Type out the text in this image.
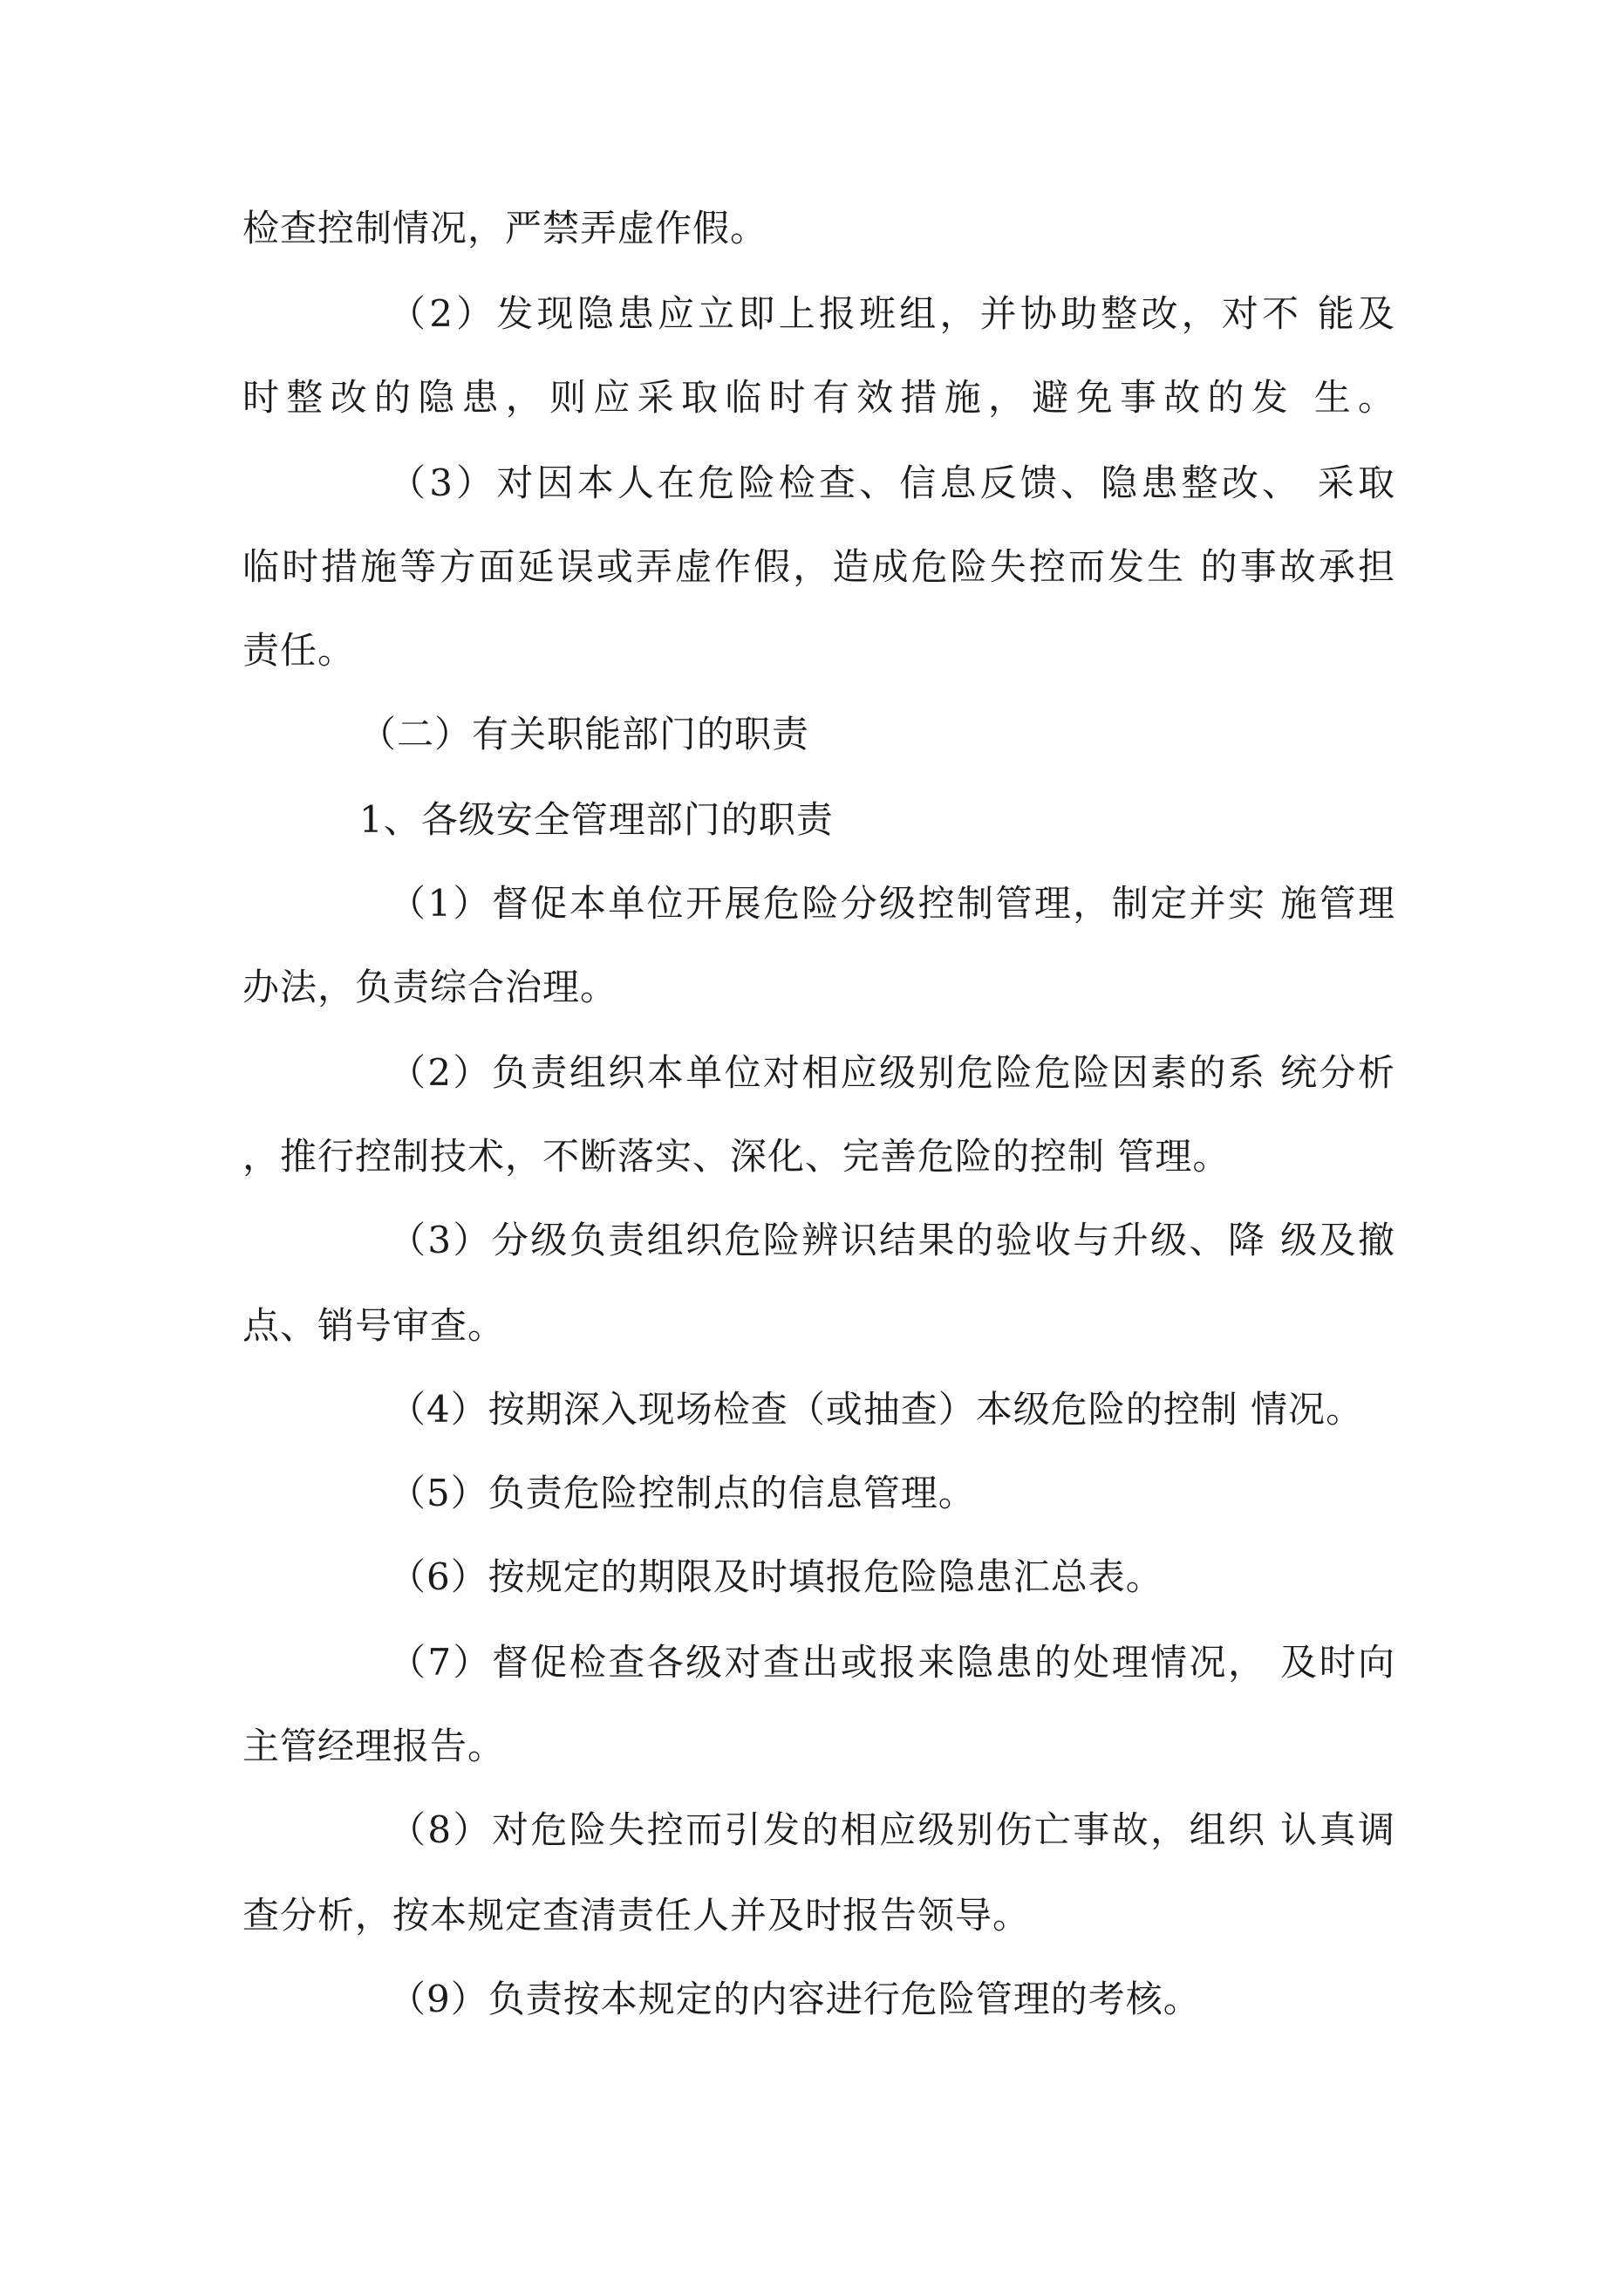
检查控制情况，严禁弄虚作假。
（2）发现隐患应立即上报班组，并协助整改，对不 能及
时整改的隐患，则应采取临时有效措施，避免事故的发 生。
（3）对因本人在危险检查、信息反馈、隐患整改、 采取
临时措施等方面延误或弄虚作假，造成危险失控而发生 的事故承担
责任。
（二）有关职能部门的职责
1、各级安全管理部门的职责
（1）督促本单位开展危险分级控制管理，制定并实 施管理
办法，负责综合治理。
（2）负责组织本单位对相应级别危险危险因素的系 统分析
，推行控制技术，不断落实、深化、完善危险的控制 管理。
（3）分级负责组织危险辨识结果的验收与升级、降 级及撤
点、销号审查。
（4）按期深入现场检查（或抽查）本级危险的控制 情况。
（5）负责危险控制点的信息管理。
（6）按规定的期限及时填报危险隐患汇总表。
（7）督促检查各级对查出或报来隐患的处理情况， 及时向
主管经理报告。
（8）对危险失控而引发的相应级别伤亡事故，组织 认真调
查分析，按本规定查清责任人并及时报告领导。
（9）负责按本规定的内容进行危险管理的考核。
